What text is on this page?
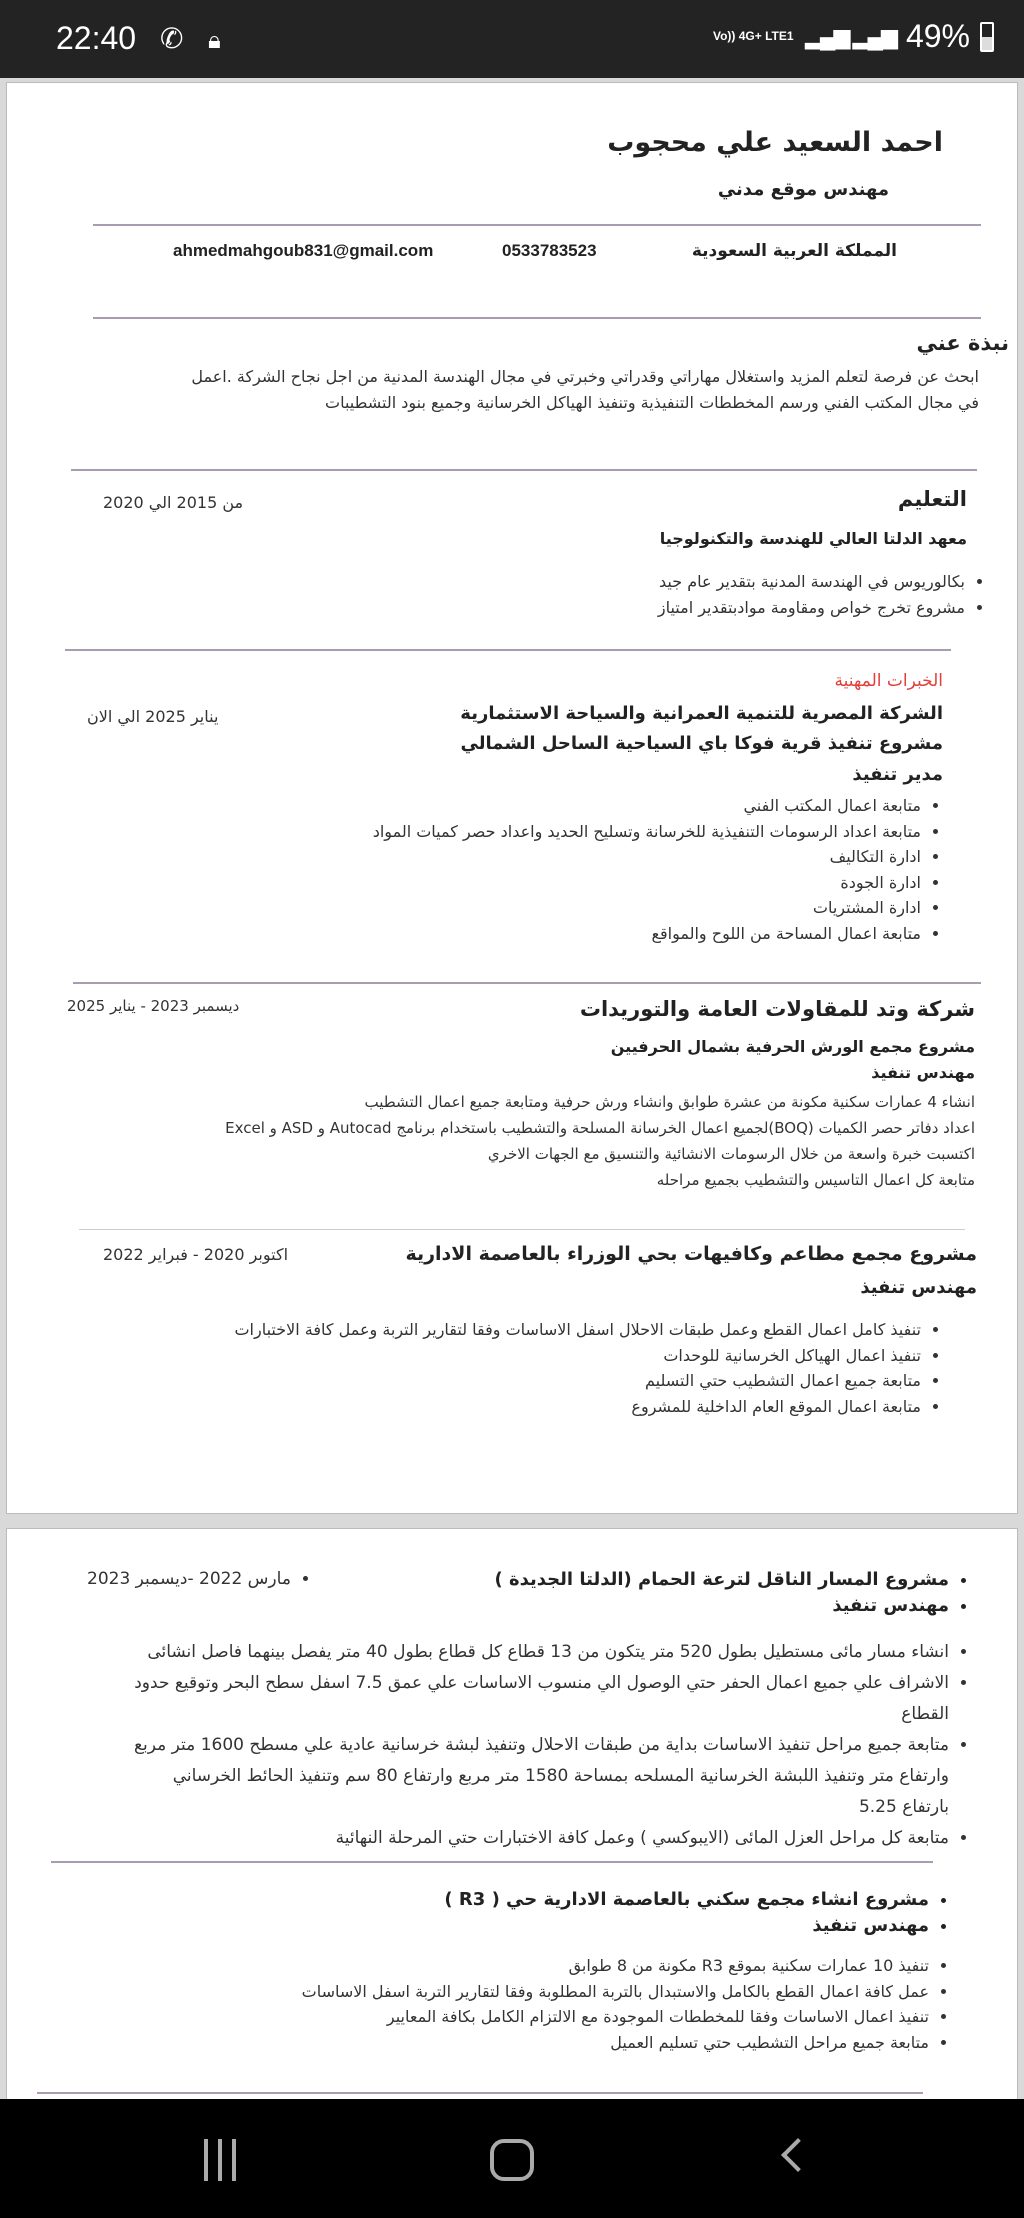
22:40 ✆ 🔒︎	Vo)) 4G+ LTE1 ▂▄▆ ▂▄▆ 49%
احمد السعيد علي محجوب
مهندس موقع مدني
المملكة العربية السعودية
0533783523
ahmedmahgoub831@gmail.com
نبذة عني
ابحث عن فرصة لتعلم المزيد واستغلال مهاراتي وقدراتي وخبرتي في مجال الهندسة المدنية من اجل نجاح الشركة .اعمل
في مجال المكتب الفني ورسم المخططات التنفيذية وتنفيذ الهياكل الخرسانية وجميع بنود التشطيبات
التعليم
من 2015 الي 2020
معهد الدلتا العالي للهندسة والتكنولوجيا
• بكالوريوس في الهندسة المدنية بتقدير عام جيد
• مشروع تخرج خواص ومقاومة موادبتقدير امتياز
الخبرات المهنية
الشركة المصرية للتنمية العمرانية والسياحة الاستثمارية
يناير 2025 الي الان
مشروع تنفيذ قرية فوكا باي السياحية الساحل الشمالي
مدير تنفيذ
• متابعة اعمال المكتب الفني
• متابعة اعداد الرسومات التنفيذية للخرسانة وتسليح الحديد واعداد حصر كميات المواد
• ادارة التكاليف
• ادارة الجودة
• ادارة المشتريات
• متابعة اعمال المساحة من اللوح والمواقع
شركة وتد للمقاولات العامة والتوريدات
ديسمبر 2023 - يناير 2025
مشروع مجمع الورش الحرفية بشمال الحرفيين
مهندس تنفيذ
انشاء 4 عمارات سكنية مكونة من عشرة طوابق وانشاء ورش حرفية ومتابعة جميع اعمال التشطيب
اعداد دفاتر حصر الكميات (BOQ)لجميع اعمال الخرسانة المسلحة والتشطيب باستخدام برنامج Autocad و ASD و Excel
اكتسبت خبرة واسعة من خلال الرسومات الانشائية والتنسيق مع الجهات الاخري
متابعة كل اعمال التاسيس والتشطيب بجميع مراحله
مشروع مجمع مطاعم وكافيهات بحي الوزراء بالعاصمة الادارية
اكتوبر 2020 - فبراير 2022
مهندس تنفيذ
• تنفيذ كامل اعمال القطع وعمل طبقات الاحلال اسفل الاساسات وفقا لتقارير التربة وعمل كافة الاختبارات
• تنفيذ اعمال الهياكل الخرسانية للوحدات
• متابعة جميع اعمال التشطيب حتي التسليم
• متابعة اعمال الموقع العام الداخلية للمشروع
• مشروع المسار الناقل لترعة الحمام (الدلتا الجديدة )
• مهندس تنفيذ
• مارس 2022 -ديسمبر 2023
• انشاء مسار مائى مستطيل بطول 520 متر يتكون من 13 قطاع كل قطاع بطول 40 متر يفصل بينهما فاصل انشائى
• الاشراف علي جميع اعمال الحفر حتي الوصول الي منسوب الاساسات علي عمق 7.5 اسفل سطح البحر وتوقيع حدود القطاع
• متابعة جميع مراحل تنفيذ الاساسات بداية من طبقات الاحلال وتنفيذ لبشة خرسانية عادية علي مسطح 1600 متر مربع وارتفاع متر وتنفيذ اللبشة الخرسانية المسلحه بمساحة 1580 متر مربع وارتفاع 80 سم وتنفيذ الحائط الخرساني بارتفاع 5.25
• متابعة كل مراحل العزل المائى (الايبوكسي ) وعمل كافة الاختبارات حتي المرحلة النهائية
• مشروع انشاء مجمع سكني بالعاصمة الادارية حي ( R3 )
• مهندس تنفيذ
• تنفيذ 10 عمارات سكنية بموقع R3 مكونة من 8 طوابق
• عمل كافة اعمال القطع بالكامل والاستبدال بالتربة المطلوبة وفقا لتقارير التربة اسفل الاساسات
• تنفيذ اعمال الاساسات وفقا للمخططات الموجودة مع الالتزام الكامل بكافة المعايير
• متابعة جميع مراحل التشطيب حتي تسليم العميل
